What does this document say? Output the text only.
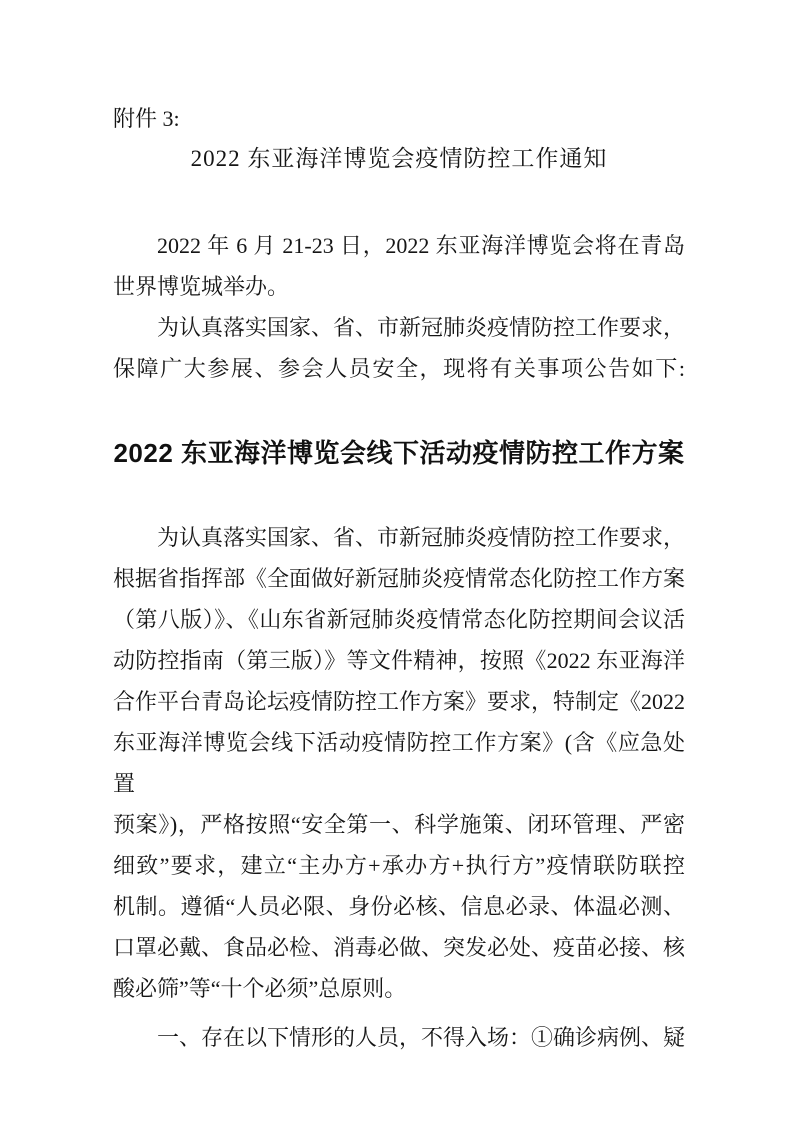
附件 3:
2022 东亚海洋博览会疫情防控工作通知
2022 年 6 月 21-23 日，2022 东亚海洋博览会将在青岛
世界博览城举办。
为认真落实国家、省、市新冠肺炎疫情防控工作要求，
保障广大参展、参会人员安全，现将有关事项公告如下:
2022 东亚海洋博览会线下活动疫情防控工作方案
为认真落实国家、省、市新冠肺炎疫情防控工作要求，
根据省指挥部《全面做好新冠肺炎疫情常态化防控工作方案
（第八版）》、《山东省新冠肺炎疫情常态化防控期间会议活
动防控指南（第三版）》等文件精神，按照《2022 东亚海洋
合作平台青岛论坛疫情防控工作方案》要求，特制定《2022
东亚海洋博览会线下活动疫情防控工作方案》(含《应急处置
预案》)，严格按照“安全第一、科学施策、闭环管理、严密
细致”要求，建立“主办方+承办方+执行方”疫情联防联控
机制。遵循“人员必限、身份必核、信息必录、体温必测、
口罩必戴、食品必检、消毒必做、突发必处、疫苗必接、核
酸必筛”等“十个必须”总原则。
一、存在以下情形的人员，不得入场：①确诊病例、疑
